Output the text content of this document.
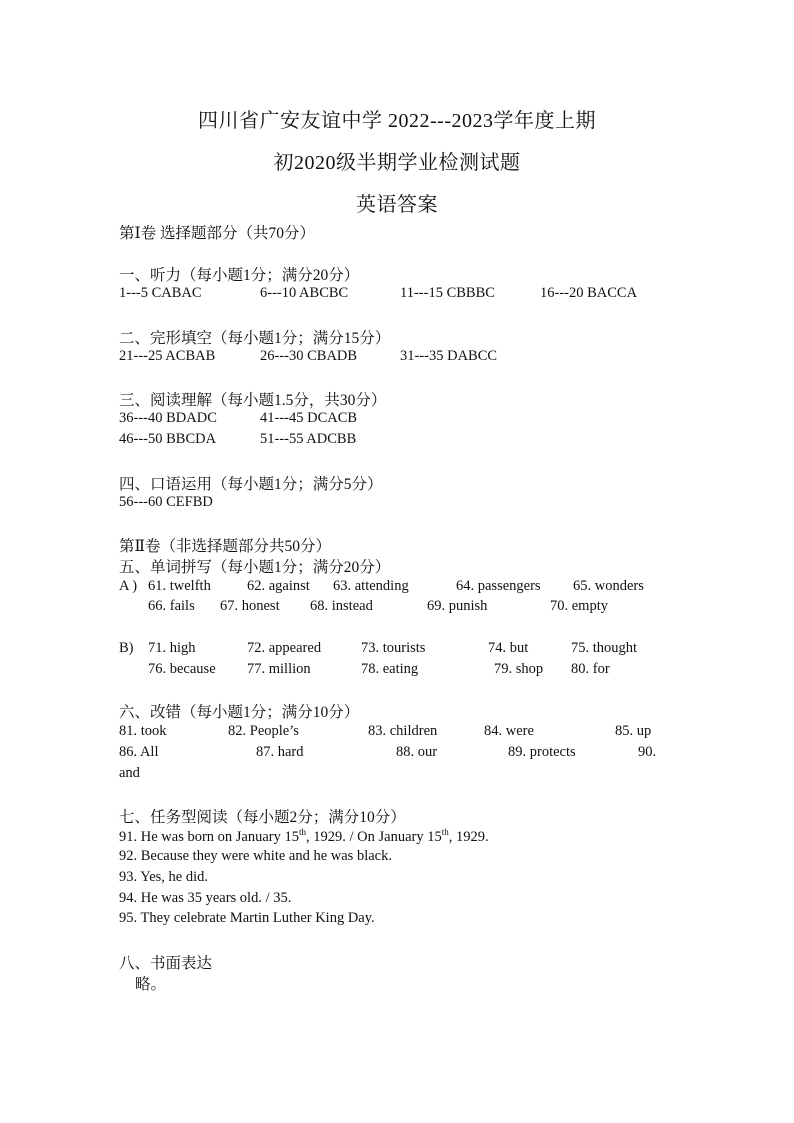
四川省广安友谊中学 2022---2023学年度上期
初2020级半期学业检测试题
英语答案
第Ⅰ卷 选择题部分（共70分）
一、听力（每小题1分；满分20分）
1---5 CABAC	6---10 ABCBC	11---15 CBBBC	16---20 BACCA
二、完形填空（每小题1分；满分15分）
21---25 ACBAB	26---30 CBADB	31---35 DABCC
三、阅读理解（每小题1.5分，共30分）
36---40 BDADC	41---45 DCACB
46---50 BBCDA	51---55 ADCBB
四、口语运用（每小题1分；满分5分）
56---60 CEFBD
第Ⅱ卷（非选择题部分共50分）
五、单词拼写（每小题1分；满分20分）
A ) 61. twelfth 62. against 63. attending	64. passengers 65. wonders
66. fails 67. honest 68. instead	69. punish	70. empty
B) 71. high	72. appeared	73. tourists	74. but	75. thought
76. because 77. million	78. eating	79. shop 80. for
六、改错（每小题1分；满分10分）
81. took	82. People’s	83. children	84. were	85. up
86. All	87. hard	88. our	89. protects	90.
and
七、任务型阅读（每小题2分；满分10分）
91. He was born on January 15th, 1929. / On January 15th, 1929.
92. Because they were white and he was black.
93. Yes, he did.
94. He was 35 years old. / 35.
95. They celebrate Martin Luther King Day.
八、书面表达
略。
